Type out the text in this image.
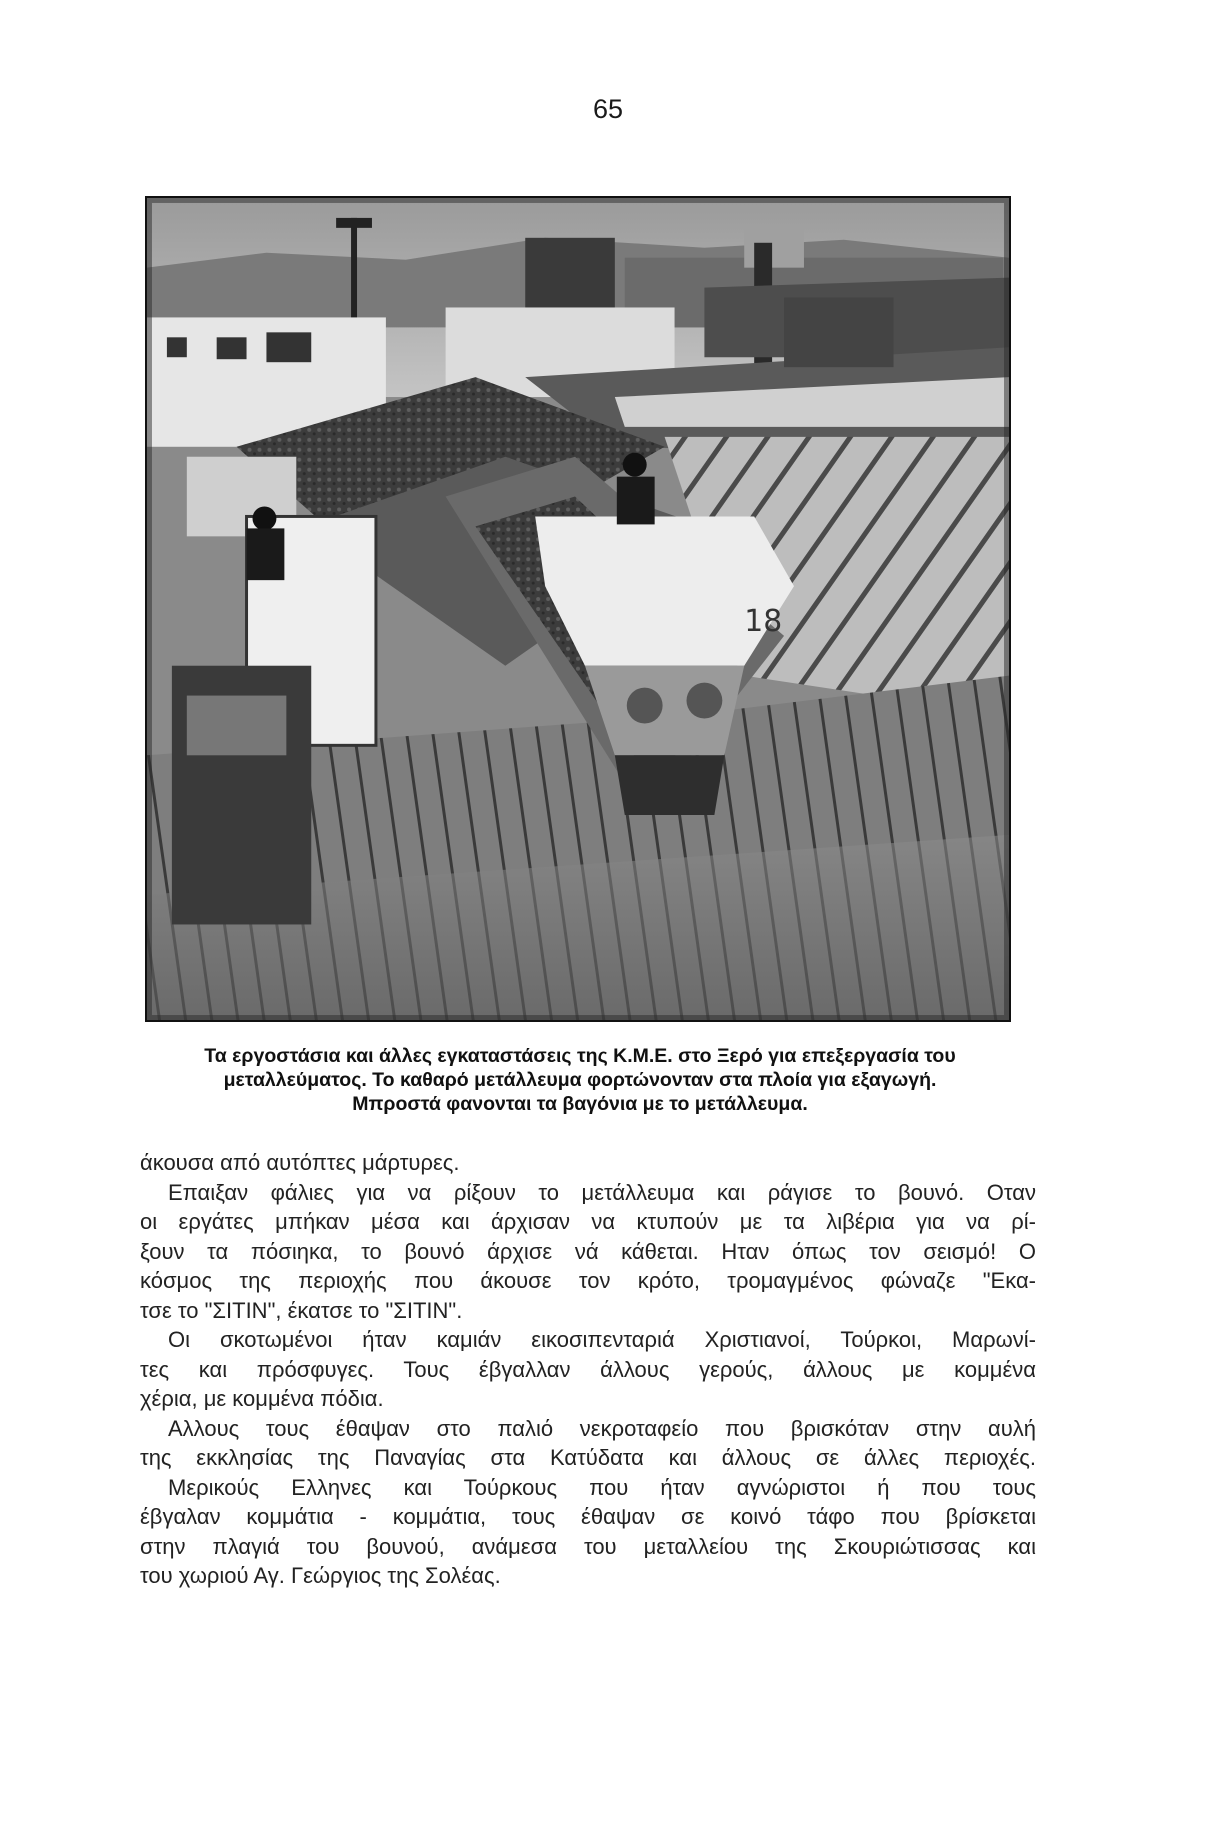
65
18
Τα εργοστάσια και άλλες εγκαταστάσεις της Κ.Μ.Ε. στο Ξερό για επεξεργασία του
μεταλλεύματος. Το καθαρό μετάλλευμα φορτώνονταν στα πλοία για εξαγωγή.
Μπροστά φανονται τα βαγόνια με το μετάλλευμα.
άκουσα από αυτόπτες μάρτυρες.
Επαιξαν φάλιες για να ρίξουν το μετάλλευμα και ράγισε το βουνό. Οταν
οι εργάτες μπήκαν μέσα και άρχισαν να κτυπούν με τα λιβέρια για να ρί-
ξουν τα πόσιηκα, το βουνό άρχισε νά κάθεται. Ηταν όπως τον σεισμό! Ο
κόσμος της περιοχής που άκουσε τον κρότο, τρομαγμένος φώναζε "Εκα-
τσε το "ΣΙΤΙΝ", έκατσε το "ΣΙΤΙΝ".
Οι σκοτωμένοι ήταν καμιάν εικοσιπενταριά Χριστιανοί, Τούρκοι, Μαρωνί-
τες και πρόσφυγες. Τους έβγαλλαν άλλους γερούς, άλλους με κομμένα
χέρια, με κομμένα πόδια.
Αλλους τους έθαψαν στο παλιό νεκροταφείο που βρισκόταν στην αυλή
της εκκλησίας της Παναγίας στα Κατύδατα και άλλους σε άλλες περιοχές.
Μερικούς Ελληνες και Τούρκους που ήταν αγνώριστοι ή που τους
έβγαλαν κομμάτια - κομμάτια, τους έθαψαν σε κοινό τάφο που βρίσκεται
στην πλαγιά του βουνού, ανάμεσα του μεταλλείου της Σκουριώτισσας και
του χωριού Αγ. Γεώργιος της Σολέας.
